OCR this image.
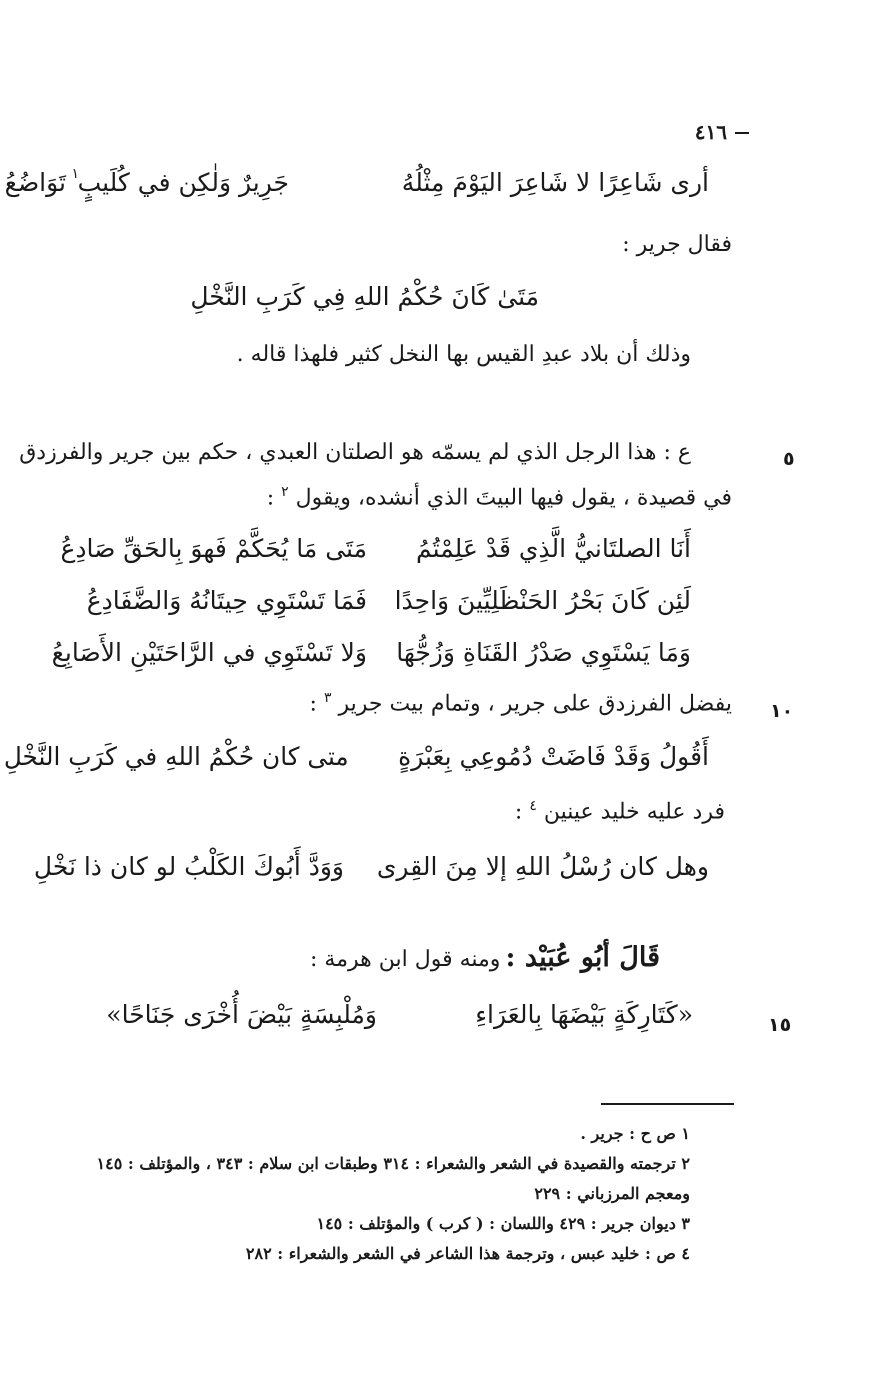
٤١٦
أرى شَاعِرًا لا شَاعِرَ اليَوْمَ مِثْلُهُ
جَرِيرٌ وَلٰكِن في كُلَيبٍ
١
تَوَاضُعُ
فقال جرير :
مَتَىٰ كَانَ حُكْمُ اللهِ فِي كَرَبِ النَّخْلِ
وذلك أن بلاد عبدِ القيس بها النخل كثير فلهذا قاله .
٥
ع : هذا الرجل الذي لم يسمّه هو الصلتان العبدي ، حكم بين جرير والفرزدق
في قصيدة ، يقول فيها البيتَ الذي أنشده، ويقول $^٢$ :
أَنَا الصلتَانيُّ الَّذِي قَدْ عَلِمْتُمُ
مَتَى مَا يُحَكَّمْ فَهوَ بِالحَقِّ صَادِعُ
لَئِن كَانَ بَحْرُ الحَنْظَلِيِّينَ وَاحِدًا
فَمَا تَسْتَوِي حِيتَانُهُ وَالضَّفَادِعُ
وَمَا يَسْتَوِي صَدْرُ القَنَاةِ وَزُجُّهَا
وَلا تَسْتَوِي في الرَّاحَتَيْنِ الأَصَابِعُ
١٠
يفضل الفرزدق على جرير ، وتمام بيت جرير $^٣$ :
أَقُولُ وَقَدْ فَاضَتْ دُمُوعِي بِعَبْرَةٍ
متى كان حُكْمُ اللهِ في كَرَبِ النَّخْلِ
فرد عليه خليد عينين $^٤$ :
وهل كان رُسْلُ اللهِ إلا مِنَ القِرى
وَوَدَّ أَبُوكَ الكَلْبُ لو كان ذا نَخْلِ
قَالَ أبُو عُبَيْد : ومنه قول ابن هرمة :
١٥
«كَتَارِكَةٍ بَيْضَهَا بِالعَرَاءِ
وَمُلْبِسَةٍ بَيْضَ أُخْرَى جَنَاحًا»
١ ص ح : جرير .
٢ ترجمته والقصيدة في الشعر والشعراء : ٣١٤ وطبقات ابن سلام : ٣٤٣ ، والمؤتلف : ١٤٥
ومعجم المرزباني : ٢٢٩
٣ ديوان جرير : ٤٢٩ واللسان : ( كرب ) والمؤتلف : ١٤٥
٤ ص : خليد عبس ، وترجمة هذا الشاعر في الشعر والشعراء : ٢٨٢
